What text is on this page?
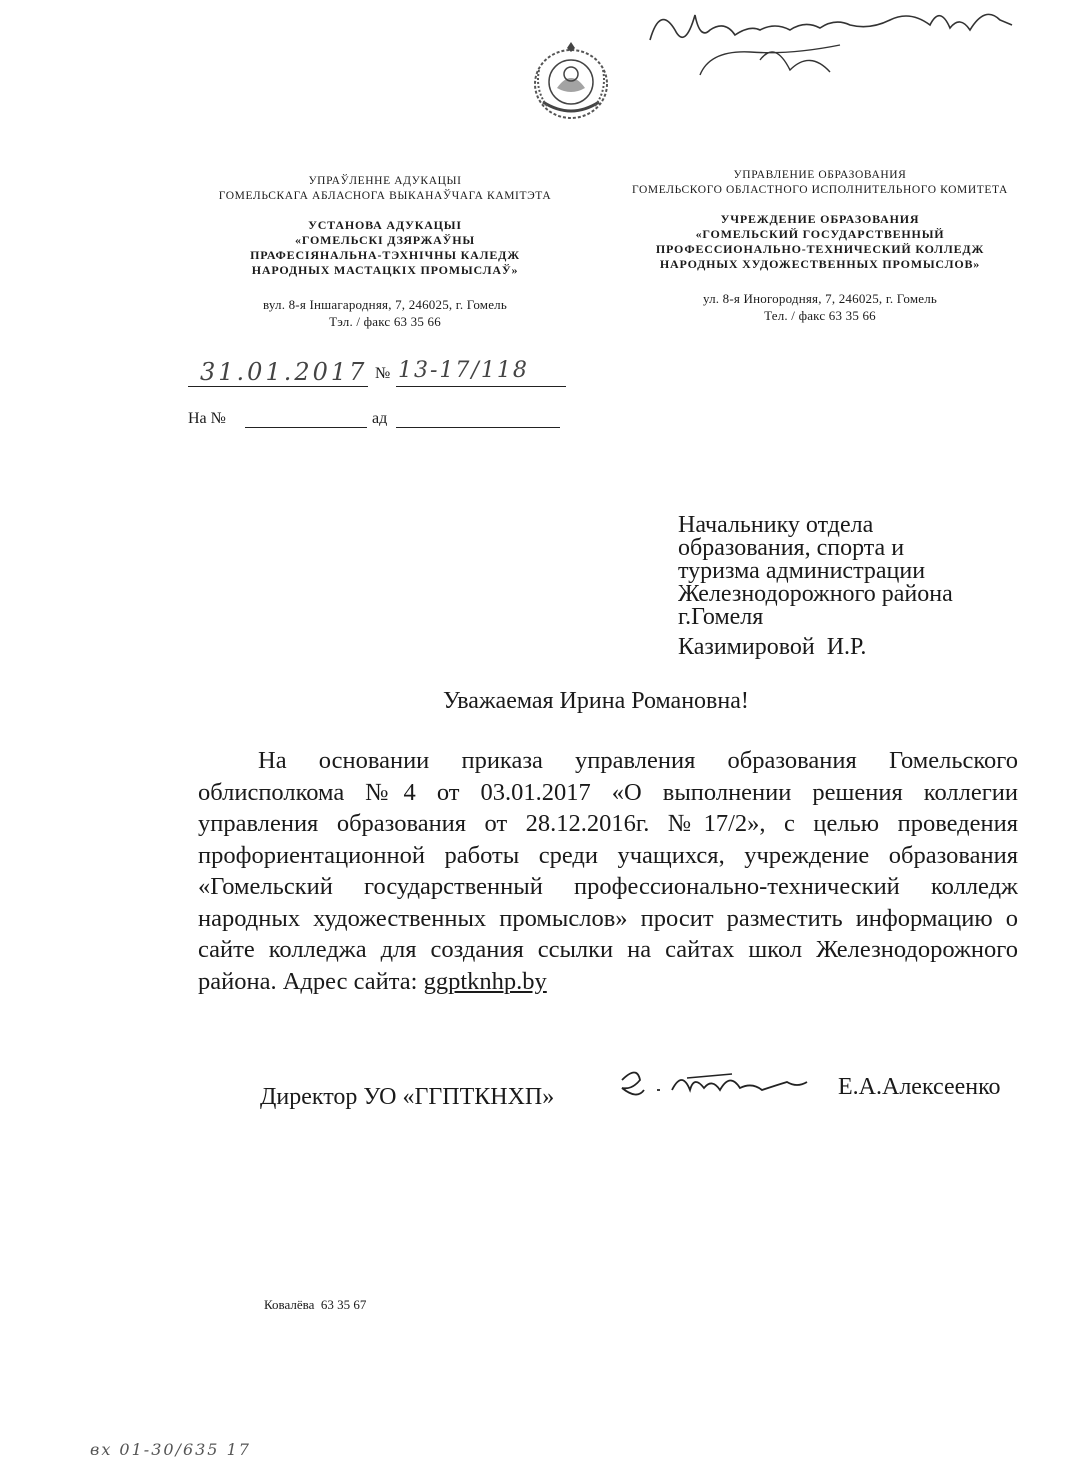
УПРАЎЛЕННЕ АДУКАЦЫІ
ГОМЕЛЬСКАГА АБЛАСНОГА ВЫКАНАЎЧАГА КАМІТЭТА
УСТАНОВА АДУКАЦЫІ
«ГОМЕЛЬСКІ ДЗЯРЖАЎНЫ
ПРАФЕСІЯНАЛЬНА-ТЭХНІЧНЫ КАЛЕДЖ
НАРОДНЫХ МАСТАЦКІХ ПРОМЫСЛАЎ»
вул. 8-я Іншагародняя, 7, 246025, г. Гомель
Тэл. / факс 63 35 66
УПРАВЛЕНИЕ ОБРАЗОВАНИЯ
ГОМЕЛЬСКОГО ОБЛАСТНОГО ИСПОЛНИТЕЛЬНОГО КОМИТЕТА
УЧРЕЖДЕНИЕ ОБРАЗОВАНИЯ
«ГОМЕЛЬСКИЙ ГОСУДАРСТВЕННЫЙ
ПРОФЕССИОНАЛЬНО-ТЕХНИЧЕСКИЙ КОЛЛЕДЖ
НАРОДНЫХ ХУДОЖЕСТВЕННЫХ ПРОМЫСЛОВ»
ул. 8-я Иногородняя, 7, 246025, г. Гомель
Тел. / факс 63 35 66
31.01.2017 № 13-17/118
На №	ад
Начальнику отдела
образования, спорта и
туризма администрации
Железнодорожного района
г.Гомеля
Казимировой  И.Р.
Уважаемая Ирина Романовна!
На основании приказа управления образования Гомельского облисполкома №4 от 03.01.2017 «О выполнении решения коллегии управления образования от 28.12.2016г. №17/2», с целью проведения профориентационной работы среди учащихся, учреждение образования «Гомельский государственный профессионально-технический колледж народных художественных промыслов» просит разместить информацию о сайте колледжа для создания ссылки на сайтах школ Железнодорожного района. Адрес сайта: ggptknhp.by
Директор УО «ГГПТКНХП»	Е.А.Алексеенко
Ковалёва  63 35 67
вх 01-30/635 17
